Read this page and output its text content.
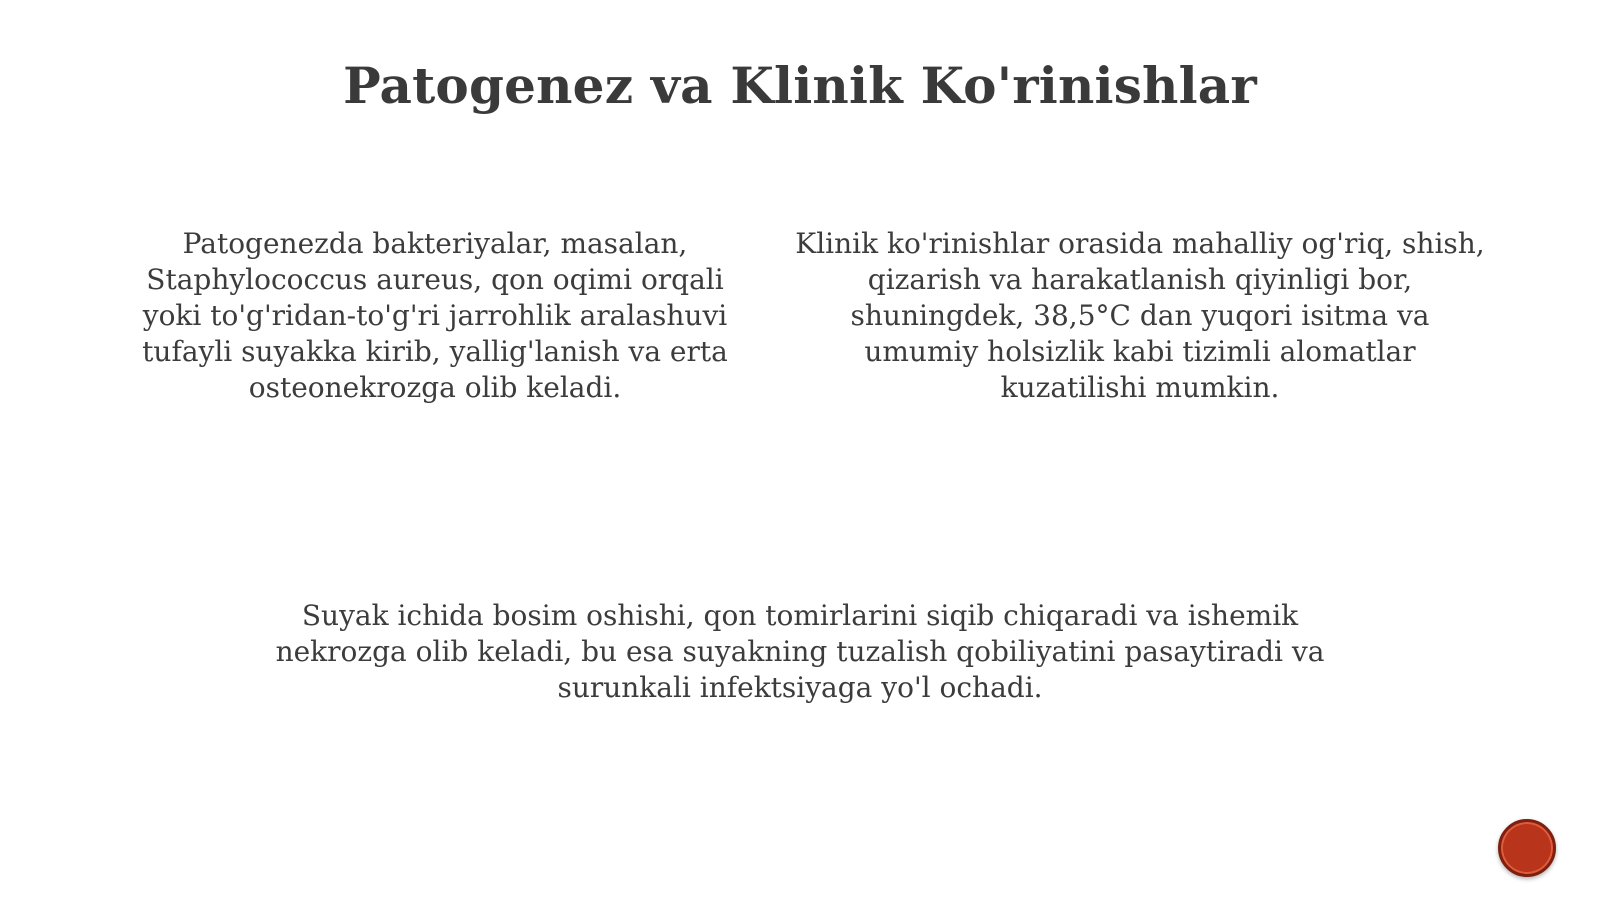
Patogenez va Klinik Ko'rinishlar
Patogenezda bakteriyalar, masalan, Staphylococcus aureus, qon oqimi orqali yoki to'g'ridan-to'g'ri jarrohlik aralashuvi tufayli suyakka kirib, yallig'lanish va erta osteonekrozga olib keladi.
Klinik ko'rinishlar orasida mahalliy og'riq, shish, qizarish va harakatlanish qiyinligi bor, shuningdek, 38,5°C dan yuqori isitma va umumiy holsizlik kabi tizimli alomatlar kuzatilishi mumkin.
Suyak ichida bosim oshishi, qon tomirlarini siqib chiqaradi va ishemik nekrozga olib keladi, bu esa suyakning tuzalish qobiliyatini pasaytiradi va surunkali infektsiyaga yo'l ochadi.
